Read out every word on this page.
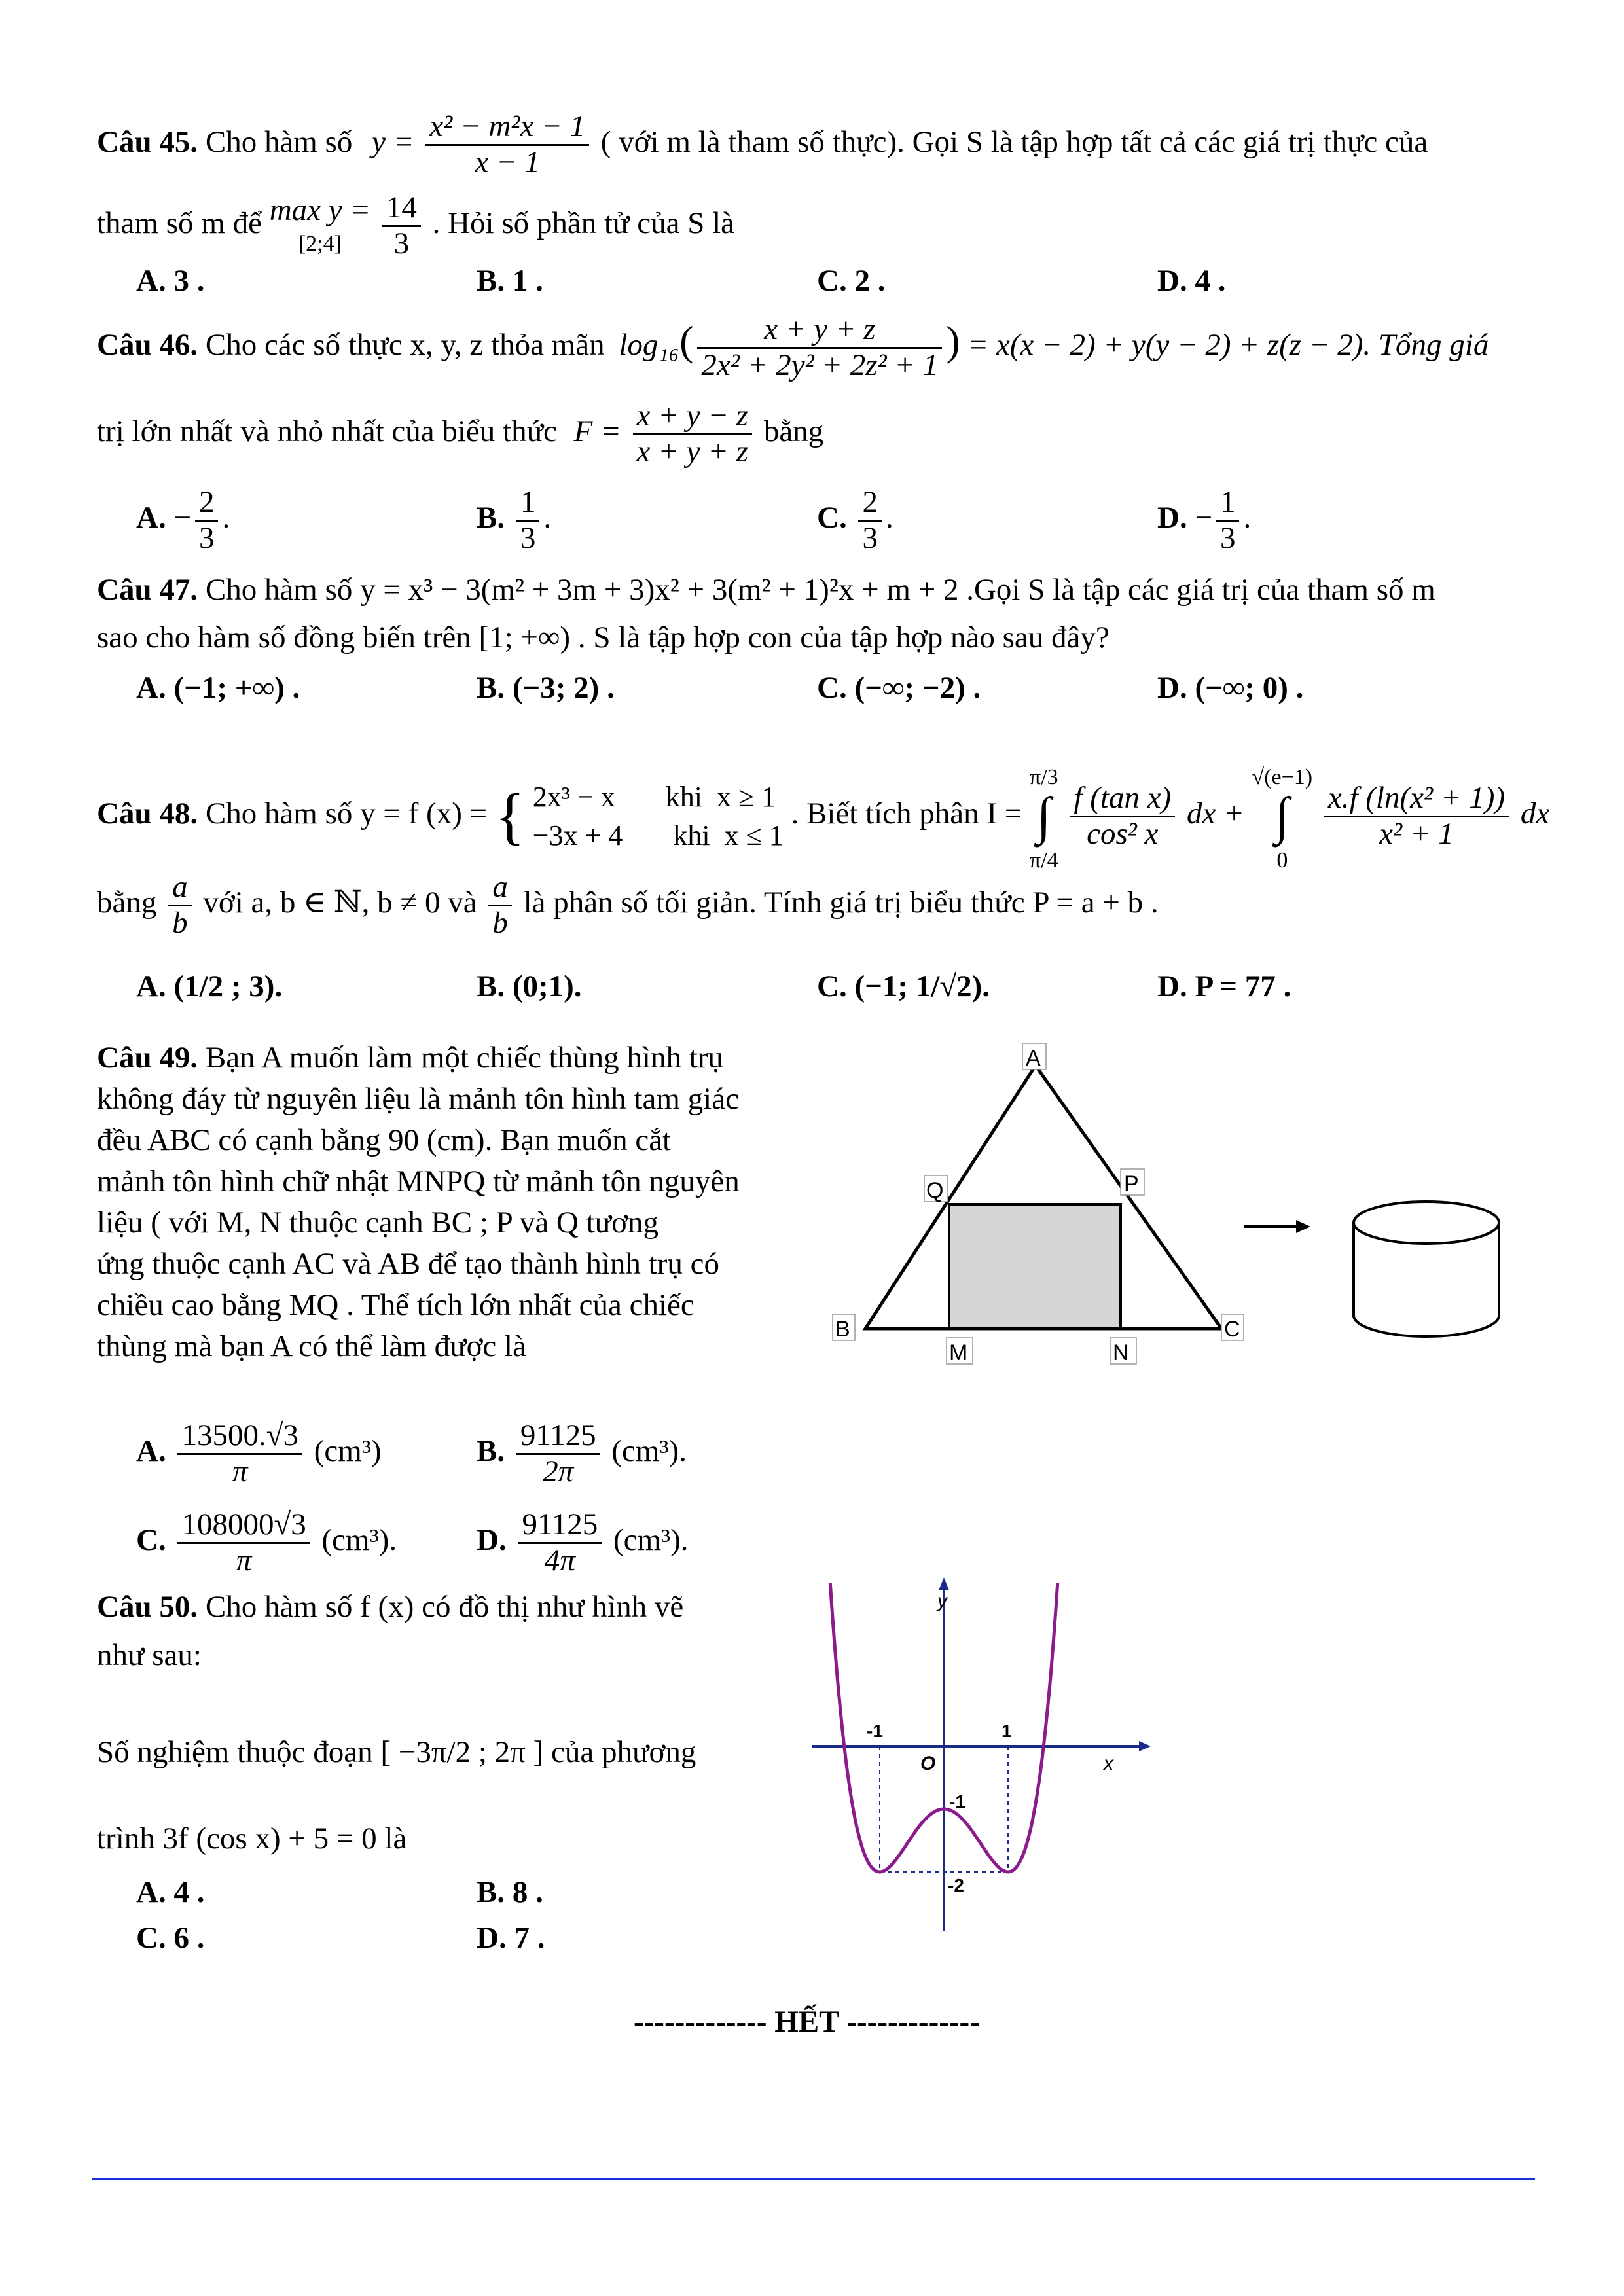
Câu 45. Cho hàm số $y = \frac{\text{x² − m²x − 1}}{x - 1}$ ( với m là tham số thực). Gọi S là tập hợp tất cả các giá trị thực của
tham số m để max y =
[2;4] $\frac{14}{3}$ . Hỏi số phần tử của S là
A. 3 .	B. 1 .	C. 2 .	D. 4 .
Câu 46. Cho các số thực x, y, z thỏa mãn $\log_{16}( \frac{x + y + z}{\text{2x² + 2y² + 2z² + 1}}$ ) = x(x − 2) + y(y − 2) + z(z − 2). Tổng giá
trị lớn nhất và nhỏ nhất của biểu thức $F = \frac{x + y - z}{x + y + z}$ bằng
A. − $\frac{2}{3}$ .	B. $\frac{1}{3}$ .	C. $\frac{2}{3}$ .	D. − $\frac{1}{3}$ .
Câu 47. Cho hàm số y = x³ − 3(m² + 3m + 3)x² + 3(m² + 1)²x + m + 2 .Gọi S là tập các giá trị của tham số m
sao cho hàm số đồng biến trên [1; +∞) . S là tập hợp con của tập hợp nào sau đây?
A. (−1; +∞) .	B. (−3; 2) .	C. (−∞; −2) .	D. (−∞; 0) .
Câu 48. Cho hàm số y = f (x) = { 2x³ − x       khi  x ≥ 1
−3x + 4       khi  x ≤ 1 . Biết tích phân I = π/3
∫
π/4
$\frac{\text{f (tan x)}}{\text{cos² x}}$ dx + √(e−1)
∫
0
$\frac{\text{x.f (ln(x² + 1))}}{\text{x² + 1}}$ dx
bằng $\frac{a}{b}$ với a, b ∈ ℕ, b ≠ 0 và $\frac{a}{b}$ là phân số tối giản. Tính giá trị biểu thức P = a + b .
A. (1/2 ; 3).	B. (0;1).	C. (−1; 1/√2).	D. P = 77 .
Câu 49. Bạn A muốn làm một chiếc thùng hình trụ
không đáy từ nguyên liệu là mảnh tôn hình tam giác
đều ABC có cạnh bằng 90 (cm). Bạn muốn cắt
mảnh tôn hình chữ nhật MNPQ từ mảnh tôn nguyên
liệu ( với M, N thuộc cạnh BC ; P và Q tương
ứng thuộc cạnh AC và AB để tạo thành hình trụ có
chiều cao bằng MQ . Thể tích lớn nhất của chiếc
thùng mà bạn A có thể làm được là
A
Q	P
B	C
M	N
A. $\frac{13500.√3}{\pi} (cm^3)$	B. $\frac{91125}{2\pi} (cm^3)$.
C. $\frac{108000√3}{\pi} (cm^3)$.	D. $\frac{91125}{4\pi} (cm^3)$.
Câu 50. Cho hàm số f (x) có đồ thị như hình vẽ
như sau:
Số nghiệm thuộc đoạn [ −3π/2 ; 2π ] của phương
trình 3f (cos x) + 5 = 0 là
A. 4 .	B. 8 .
C. 6 .	D. 7 .
y
x
O
-1	1
-1
-2
------------- HẾT -------------
